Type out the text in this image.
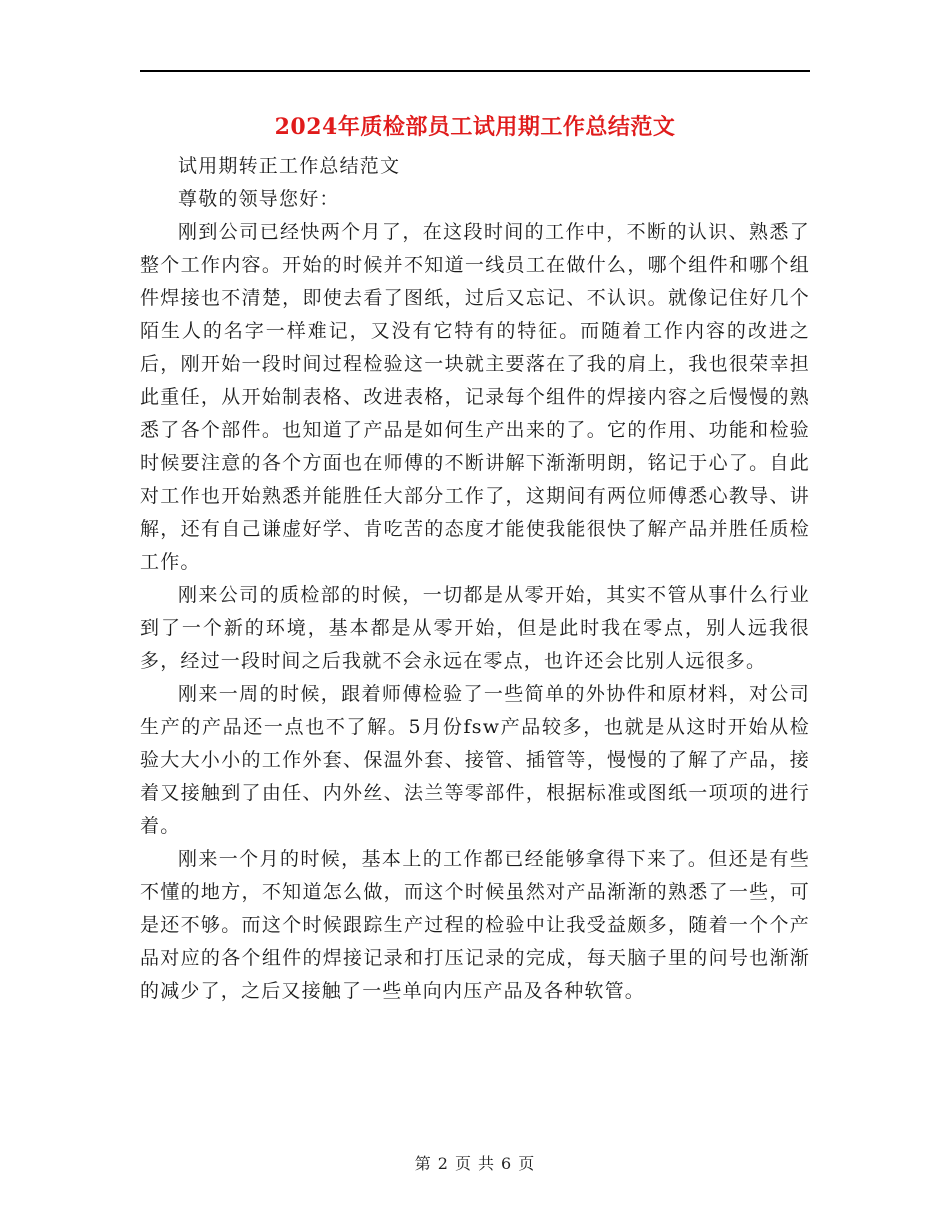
2024年质检部员工试用期工作总结范文

试用期转正工作总结范文

尊敬的领导您好：

刚到公司已经快两个月了，在这段时间的工作中，不断的认识、熟悉了整个工作内容。开始的时候并不知道一线员工在做什么，哪个组件和哪个组件焊接也不清楚，即使去看了图纸，过后又忘记、不认识。就像记住好几个陌生人的名字一样难记，又没有它特有的特征。而随着工作内容的改进之后，刚开始一段时间过程检验这一块就主要落在了我的肩上，我也很荣幸担此重任，从开始制表格、改进表格，记录每个组件的焊接内容之后慢慢的熟悉了各个部件。也知道了产品是如何生产出来的了。它的作用、功能和检验时候要注意的各个方面也在师傅的不断讲解下渐渐明朗，铭记于心了。自此对工作也开始熟悉并能胜任大部分工作了，这期间有两位师傅悉心教导、讲解，还有自己谦虚好学、肯吃苦的态度才能使我能很快了解产品并胜任质检工作。

刚来公司的质检部的时候，一切都是从零开始，其实不管从事什么行业到了一个新的环境，基本都是从零开始，但是此时我在零点，别人远我很多，经过一段时间之后我就不会永远在零点，也许还会比别人远很多。

刚来一周的时候，跟着师傅检验了一些简单的外协件和原材料，对公司生产的产品还一点也不了解。5月份fsw产品较多，也就是从这时开始从检验大大小小的工作外套、保温外套、接管、插管等，慢慢的了解了产品，接着又接触到了由任、内外丝、法兰等零部件，根据标准或图纸一项项的进行着。

刚来一个月的时候，基本上的工作都已经能够拿得下来了。但还是有些不懂的地方，不知道怎么做，而这个时候虽然对产品渐渐的熟悉了一些，可是还不够。而这个时候跟踪生产过程的检验中让我受益颇多，随着一个个产品对应的各个组件的焊接记录和打压记录的完成，每天脑子里的问号也渐渐的减少了，之后又接触了一些单向内压产品及各种软管。

第 2 页 共 6 页
